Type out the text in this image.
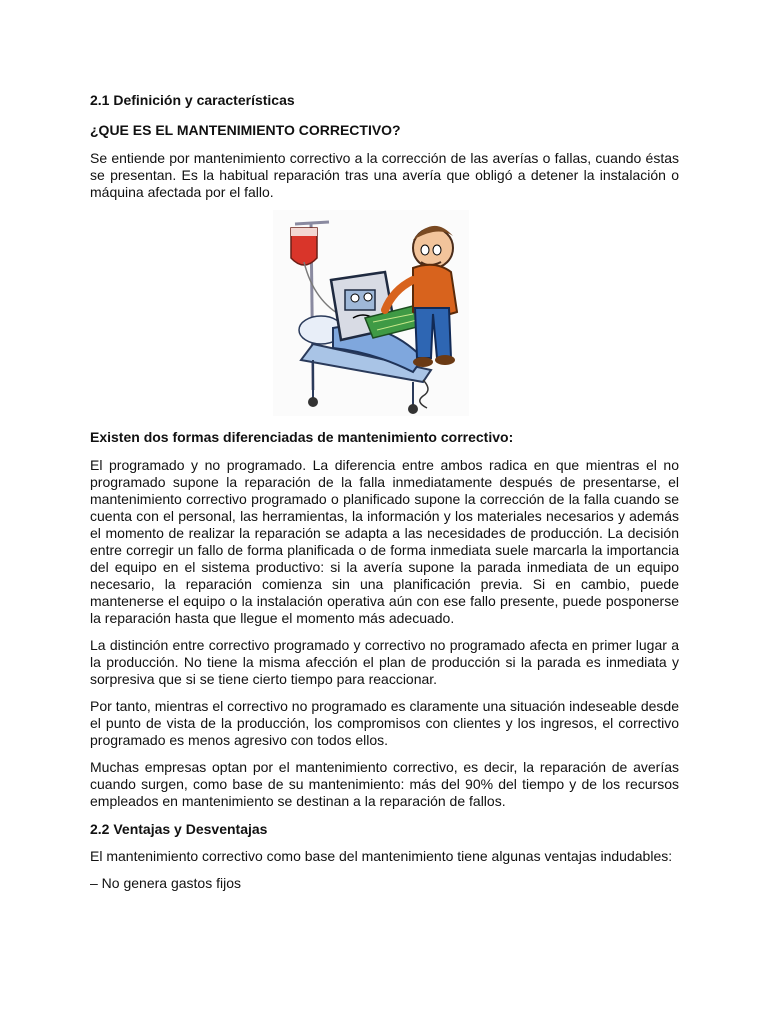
2.1 Definición y características
¿QUE ES EL MANTENIMIENTO CORRECTIVO?

Se entiende por mantenimiento correctivo a la corrección de las averías o fallas, cuando éstas se presentan. Es la habitual reparación tras una avería que obligó a detener la instalación o máquina afectada por el fallo.

Existen dos formas diferenciadas de mantenimiento correctivo:

El programado y no programado. La diferencia entre ambos radica en que mientras el no programado supone la reparación de la falla inmediatamente después de presentarse, el mantenimiento correctivo programado o planificado supone la corrección de la falla cuando se cuenta con el personal, las herramientas, la información y los materiales necesarios y además el momento de realizar la reparación se adapta a las necesidades de producción. La decisión entre corregir un fallo de forma planificada o de forma inmediata suele marcarla la importancia del equipo en el sistema productivo: si la avería supone la parada inmediata de un equipo necesario, la reparación comienza sin una planificación previa. Si en cambio, puede mantenerse el equipo o la instalación operativa aún con ese fallo presente, puede posponerse la reparación hasta que llegue el momento más adecuado.

La distinción entre correctivo programado y correctivo no programado afecta en primer lugar a la producción. No tiene la misma afección el plan de producción si la parada es inmediata y sorpresiva que si se tiene cierto tiempo para reaccionar.

Por tanto, mientras el correctivo no programado es claramente una situación indeseable desde el punto de vista de la producción, los compromisos con clientes y los ingresos, el correctivo programado es menos agresivo con todos ellos.

Muchas empresas optan por el mantenimiento correctivo, es decir, la reparación de averías cuando surgen, como base de su mantenimiento: más del 90% del tiempo y de los recursos empleados en mantenimiento se destinan a la reparación de fallos.

2.2 Ventajas y Desventajas

El mantenimiento correctivo como base del mantenimiento tiene algunas ventajas indudables:

– No genera gastos fijos
